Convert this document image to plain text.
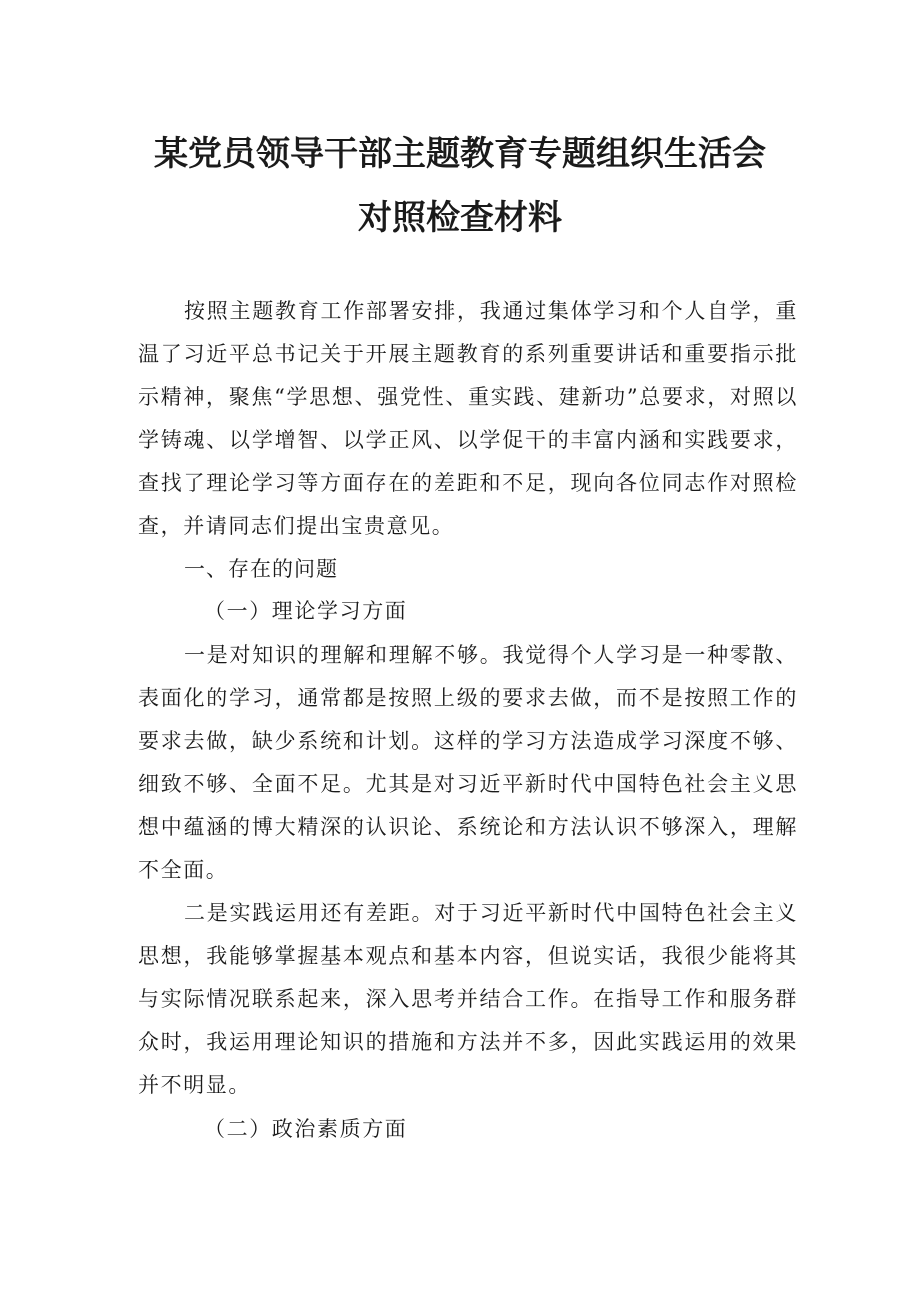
某党员领导干部主题教育专题组织生活会
对照检查材料

按照主题教育工作部署安排，我通过集体学习和个人自学，重温了习近平总书记关于开展主题教育的系列重要讲话和重要指示批示精神，聚焦“学思想、强党性、重实践、建新功”总要求，对照以学铸魂、以学增智、以学正风、以学促干的丰富内涵和实践要求，查找了理论学习等方面存在的差距和不足，现向各位同志作对照检查，并请同志们提出宝贵意见。

一、存在的问题

（一）理论学习方面

一是对知识的理解和理解不够。我觉得个人学习是一种零散、表面化的学习，通常都是按照上级的要求去做，而不是按照工作的要求去做，缺少系统和计划。这样的学习方法造成学习深度不够、细致不够、全面不足。尤其是对习近平新时代中国特色社会主义思想中蕴涵的博大精深的认识论、系统论和方法认识不够深入，理解不全面。

二是实践运用还有差距。对于习近平新时代中国特色社会主义思想，我能够掌握基本观点和基本内容，但说实话，我很少能将其与实际情况联系起来，深入思考并结合工作。在指导工作和服务群众时，我运用理论知识的措施和方法并不多，因此实践运用的效果并不明显。

（二）政治素质方面
